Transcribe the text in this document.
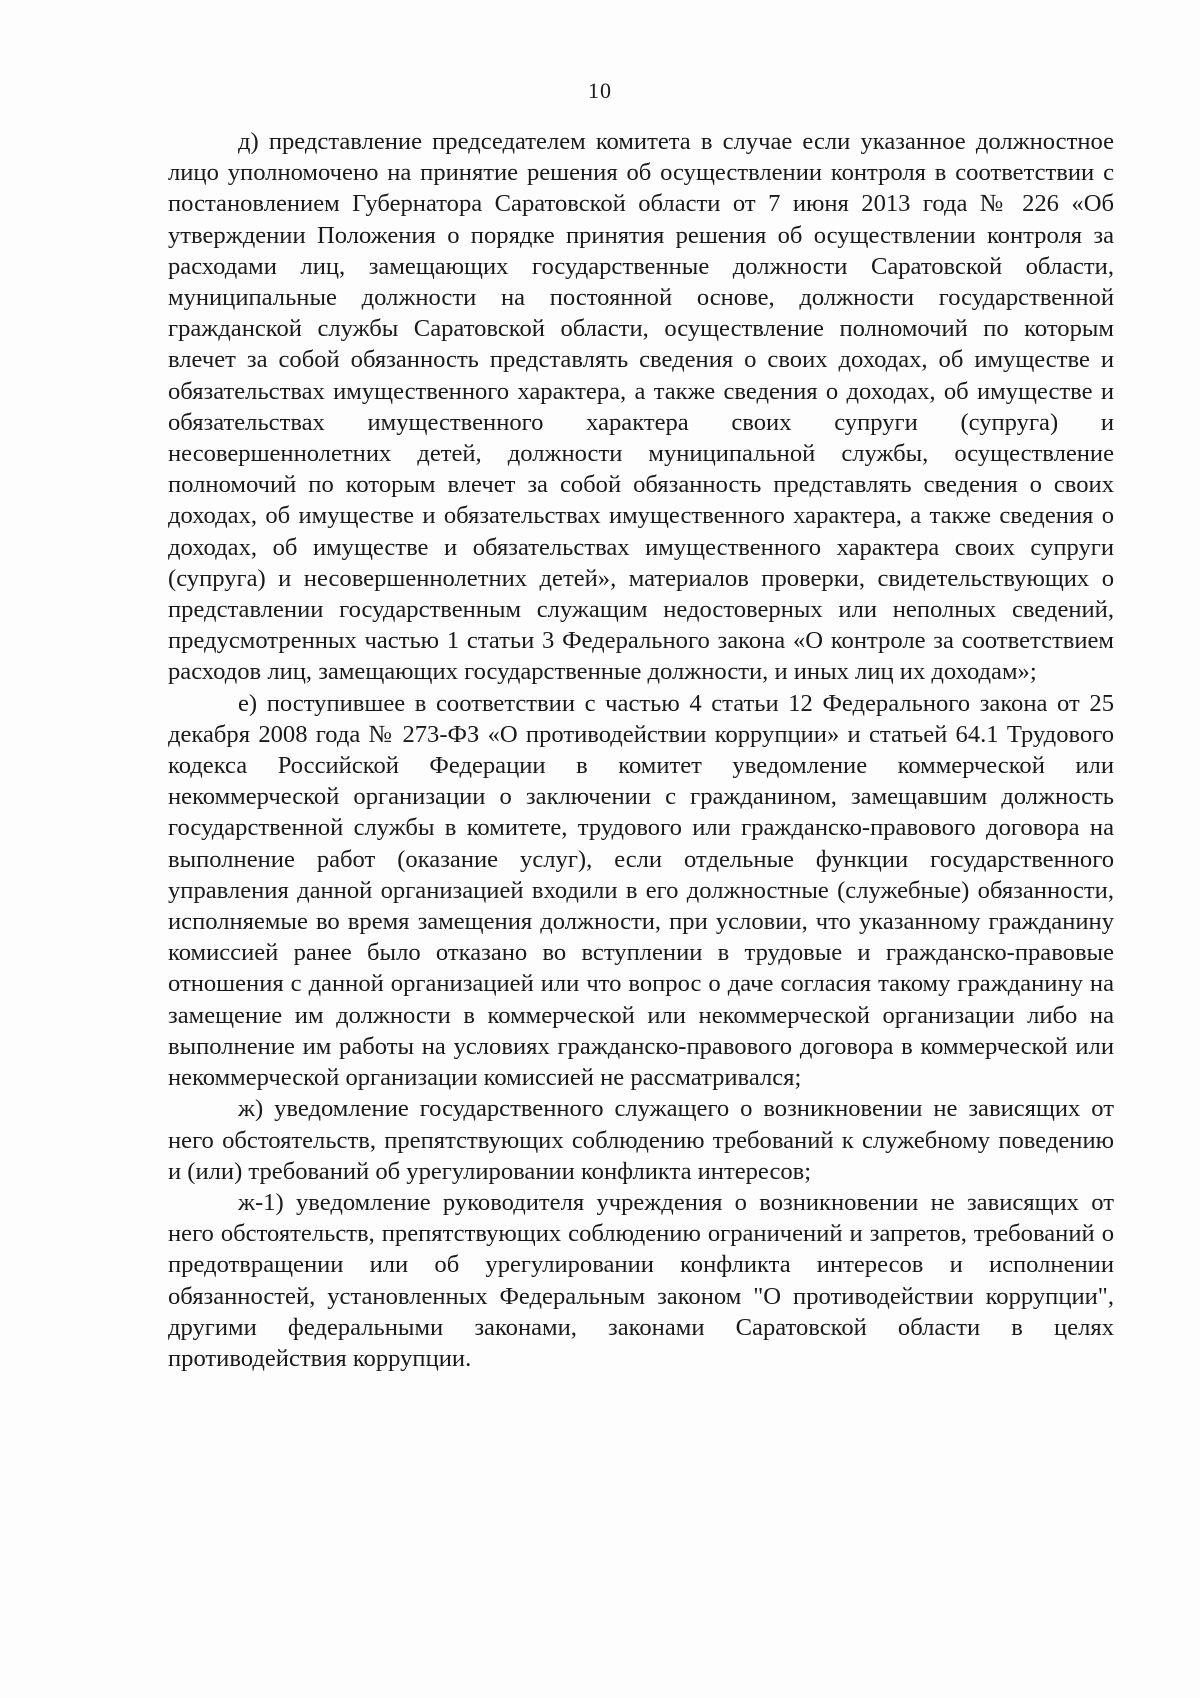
10

д) представление председателем комитета в случае если указанное должностное лицо уполномочено на принятие решения об осуществлении контроля в соответствии с постановлением Губернатора Саратовской области от 7 июня 2013 года № 226 «Об утверждении Положения о порядке принятия решения об осуществлении контроля за расходами лиц, замещающих государственные должности Саратовской области, муниципальные должности на постоянной основе, должности государственной гражданской службы Саратовской области, осуществление полномочий по которым влечет за собой обязанность представлять сведения о своих доходах, об имуществе и обязательствах имущественного характера, а также сведения о доходах, об имуществе и обязательствах имущественного характера своих супруги (супруга) и несовершеннолетних детей, должности муниципальной службы, осуществление полномочий по которым влечет за собой обязанность представлять сведения о своих доходах, об имуществе и обязательствах имущественного характера, а также сведения о доходах, об имуществе и обязательствах имущественного характера своих супруги (супруга) и несовершеннолетних детей», материалов проверки, свидетельствующих о представлении государственным служащим недостоверных или неполных сведений, предусмотренных частью 1 статьи 3 Федерального закона «О контроле за соответствием расходов лиц, замещающих государственные должности, и иных лиц их доходам»;

е) поступившее в соответствии с частью 4 статьи 12 Федерального закона от 25 декабря 2008 года № 273-ФЗ «О противодействии коррупции» и статьей 64.1 Трудового кодекса Российской Федерации в комитет уведомление коммерческой или некоммерческой организации о заключении с гражданином, замещавшим должность государственной службы в комитете, трудового или гражданско-правового договора на выполнение работ (оказание услуг), если отдельные функции государственного управления данной организацией входили в его должностные (служебные) обязанности, исполняемые во время замещения должности, при условии, что указанному гражданину комиссией ранее было отказано во вступлении в трудовые и гражданско-правовые отношения с данной организацией или что вопрос о даче согласия такому гражданину на замещение им должности в коммерческой или некоммерческой организации либо на выполнение им работы на условиях гражданско-правового договора в коммерческой или некоммерческой организации комиссией не рассматривался;

ж) уведомление государственного служащего о возникновении не зависящих от него обстоятельств, препятствующих соблюдению требований к служебному поведению и (или) требований об урегулировании конфликта интересов;

ж-1) уведомление руководителя учреждения о возникновении не зависящих от него обстоятельств, препятствующих соблюдению ограничений и запретов, требований о предотвращении или об урегулировании конфликта интересов и исполнении обязанностей, установленных Федеральным законом "О противодействии коррупции", другими федеральными законами, законами Саратовской области в целях противодействия коррупции.
